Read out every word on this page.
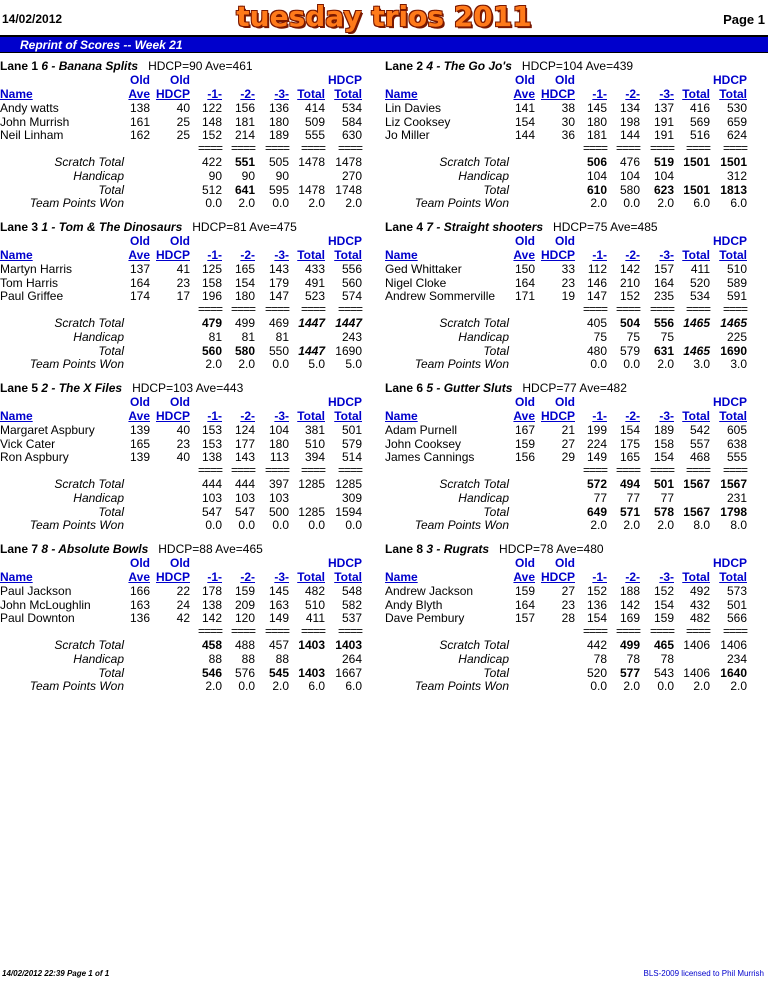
14/02/2012	tuesday trios 2011	Page 1
Reprint of Scores -- Week 21
Lane 1 6 - Banana Splits HDCP=90 Ave=461
Old Old	HDCP
Name	Ave HDCP -1- -2- -3- Total Total
Andy watts	138 40 122 156 136 414 534
John Murrish	161 25 148 181 180 509 584
Neil Linham	162 25 152 214 189 555 630
==== ==== ==== ==== ====
Scratch Total	422 551 505 1478 1478
Handicap	90 90 90	270
Total	512 641 595 1478 1748
Team Points Won	0.0 2.0 0.0 2.0 2.0
Lane 2 4 - The Go Jo's HDCP=104 Ave=439
Old Old	HDCP
Name	Ave HDCP -1- -2- -3- Total Total
Lin Davies	141 38 145 134 137 416 530
Liz Cooksey	154 30 180 198 191 569 659
Jo Miller	144 36 181 144 191 516 624
==== ==== ==== ==== ====
Scratch Total	506 476 519 1501 1501
Handicap	104 104 104	312
Total	610 580 623 1501 1813
Team Points Won	2.0 0.0 2.0 6.0 6.0
Lane 3 1 - Tom & The Dinosaurs HDCP=81 Ave=475
Old Old	HDCP
Name	Ave HDCP -1- -2- -3- Total Total
Martyn Harris	137 41 125 165 143 433 556
Tom Harris	164 23 158 154 179 491 560
Paul Griffee	174 17 196 180 147 523 574
==== ==== ==== ==== ====
Scratch Total	479 499 469 1447 1447
Handicap	81 81 81	243
Total	560 580 550 1447 1690
Team Points Won	2.0 2.0 0.0 5.0 5.0
Lane 4 7 - Straight shooters HDCP=75 Ave=485
Old Old	HDCP
Name	Ave HDCP -1- -2- -3- Total Total
Ged Whittaker	150 33 112 142 157 411 510
Nigel Cloke	164 23 146 210 164 520 589
Andrew Sommerville 171 19 147 152 235 534 591
==== ==== ==== ==== ====
Scratch Total	405 504 556 1465 1465
Handicap	75 75 75	225
Total	480 579 631 1465 1690
Team Points Won	0.0 0.0 2.0 3.0 3.0
Lane 5 2 - The X Files HDCP=103 Ave=443
Old Old	HDCP
Name	Ave HDCP -1- -2- -3- Total Total
Margaret Aspbury	139 40 153 124 104 381 501
Vick Cater	165 23 153 177 180 510 579
Ron Aspbury	139 40 138 143 113 394 514
==== ==== ==== ==== ====
Scratch Total	444 444 397 1285 1285
Handicap	103 103 103	309
Total	547 547 500 1285 1594
Team Points Won	0.0 0.0 0.0 0.0 0.0
Lane 6 5 - Gutter Sluts HDCP=77 Ave=482
Old Old	HDCP
Name	Ave HDCP -1- -2- -3- Total Total
Adam Purnell	167 21 199 154 189 542 605
John Cooksey	159 27 224 175 158 557 638
James Cannings	156 29 149 165 154 468 555
==== ==== ==== ==== ====
Scratch Total	572 494 501 1567 1567
Handicap	77 77 77	231
Total	649 571 578 1567 1798
Team Points Won	2.0 2.0 2.0 8.0 8.0
Lane 7 8 - Absolute Bowls HDCP=88 Ave=465
Old Old	HDCP
Name	Ave HDCP -1- -2- -3- Total Total
Paul Jackson	166 22 178 159 145 482 548
John McLoughlin	163 24 138 209 163 510 582
Paul Downton	136 42 142 120 149 411 537
==== ==== ==== ==== ====
Scratch Total	458 488 457 1403 1403
Handicap	88 88 88	264
Total	546 576 545 1403 1667
Team Points Won	2.0 0.0 2.0 6.0 6.0
Lane 8 3 - Rugrats HDCP=78 Ave=480
Old Old	HDCP
Name	Ave HDCP -1- -2- -3- Total Total
Andrew Jackson	159 27 152 188 152 492 573
Andy Blyth	164 23 136 142 154 432 501
Dave Pembury	157 28 154 169 159 482 566
==== ==== ==== ==== ====
Scratch Total	442 499 465 1406 1406
Handicap	78 78 78	234
Total	520 577 543 1406 1640
Team Points Won	0.0 2.0 0.0 2.0 2.0
14/02/2012 22:39 Page 1 of 1	BLS-2009 licensed to Phil Murrish
